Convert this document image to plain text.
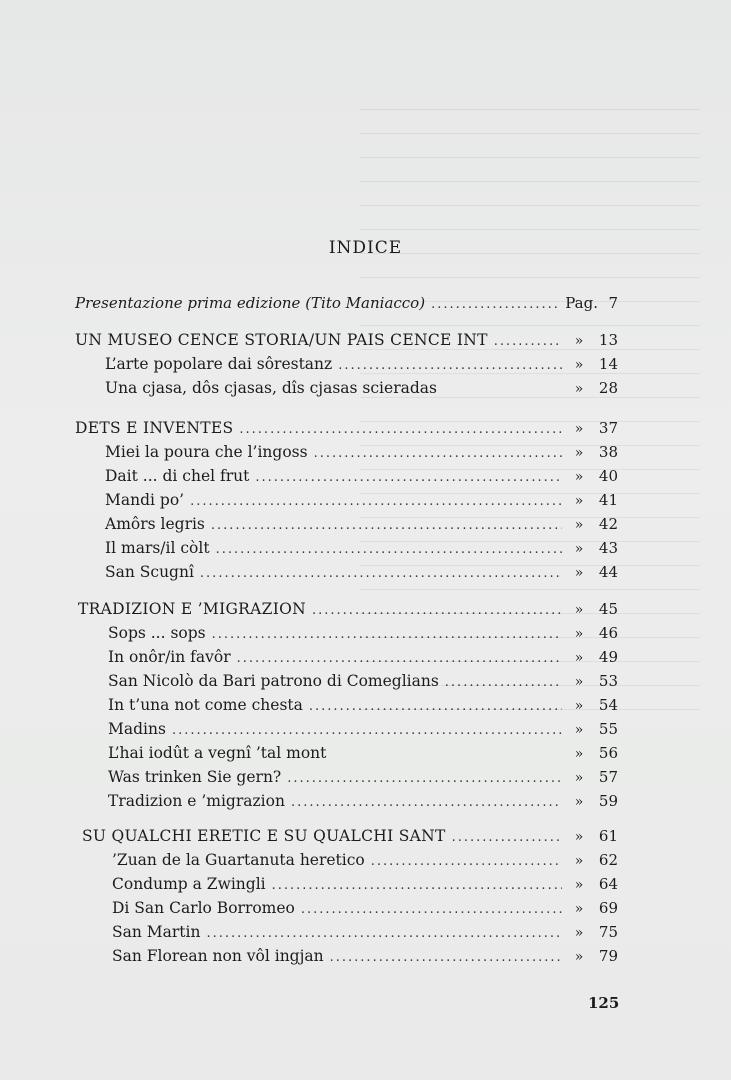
INDICE
Presentazione prima edizione (Tito Maniacco) .....	Pag. 7
UN MUSEO CENCE STORIA/UN PAIS CENCE INT .....	»	13
L’arte popolare dai sôrestanz .....	»	14
Una cjasa, dôs cjasas, dîs cjasas scieradas	»	28
DETS E INVENTES .....	»	37
Miei la poura che l’ingoss .....	»	38
Dait ... di chel frut .....	»	40
Mandi po’ .....	»	41
Amôrs legris .....	»	42
Il mars/il còlt .....	»	43
San Scugnî .....	»	44
TRADIZION E ’MIGRAZION .....	»	45
Sops ... sops .....	»	46
In onôr/in favôr .....	»	49
San Nicolò da Bari patrono di Comeglians .....	»	53
In t’una not come chesta .....	»	54
Madins .....	»	55
L’hai iodût a vegnî ’tal mont	»	56
Was trinken Sie gern? .....	»	57
Tradizion e ’migrazion .....	»	59
SU QUALCHI ERETIC E SU QUALCHI SANT .....	»	61
’Zuan de la Guartanuta heretico .....	»	62
Condump a Zwingli .....	»	64
Di San Carlo Borromeo .....	»	69
San Martin .....	»	75
San Florean non vôl ingjan .....	»	79
125
